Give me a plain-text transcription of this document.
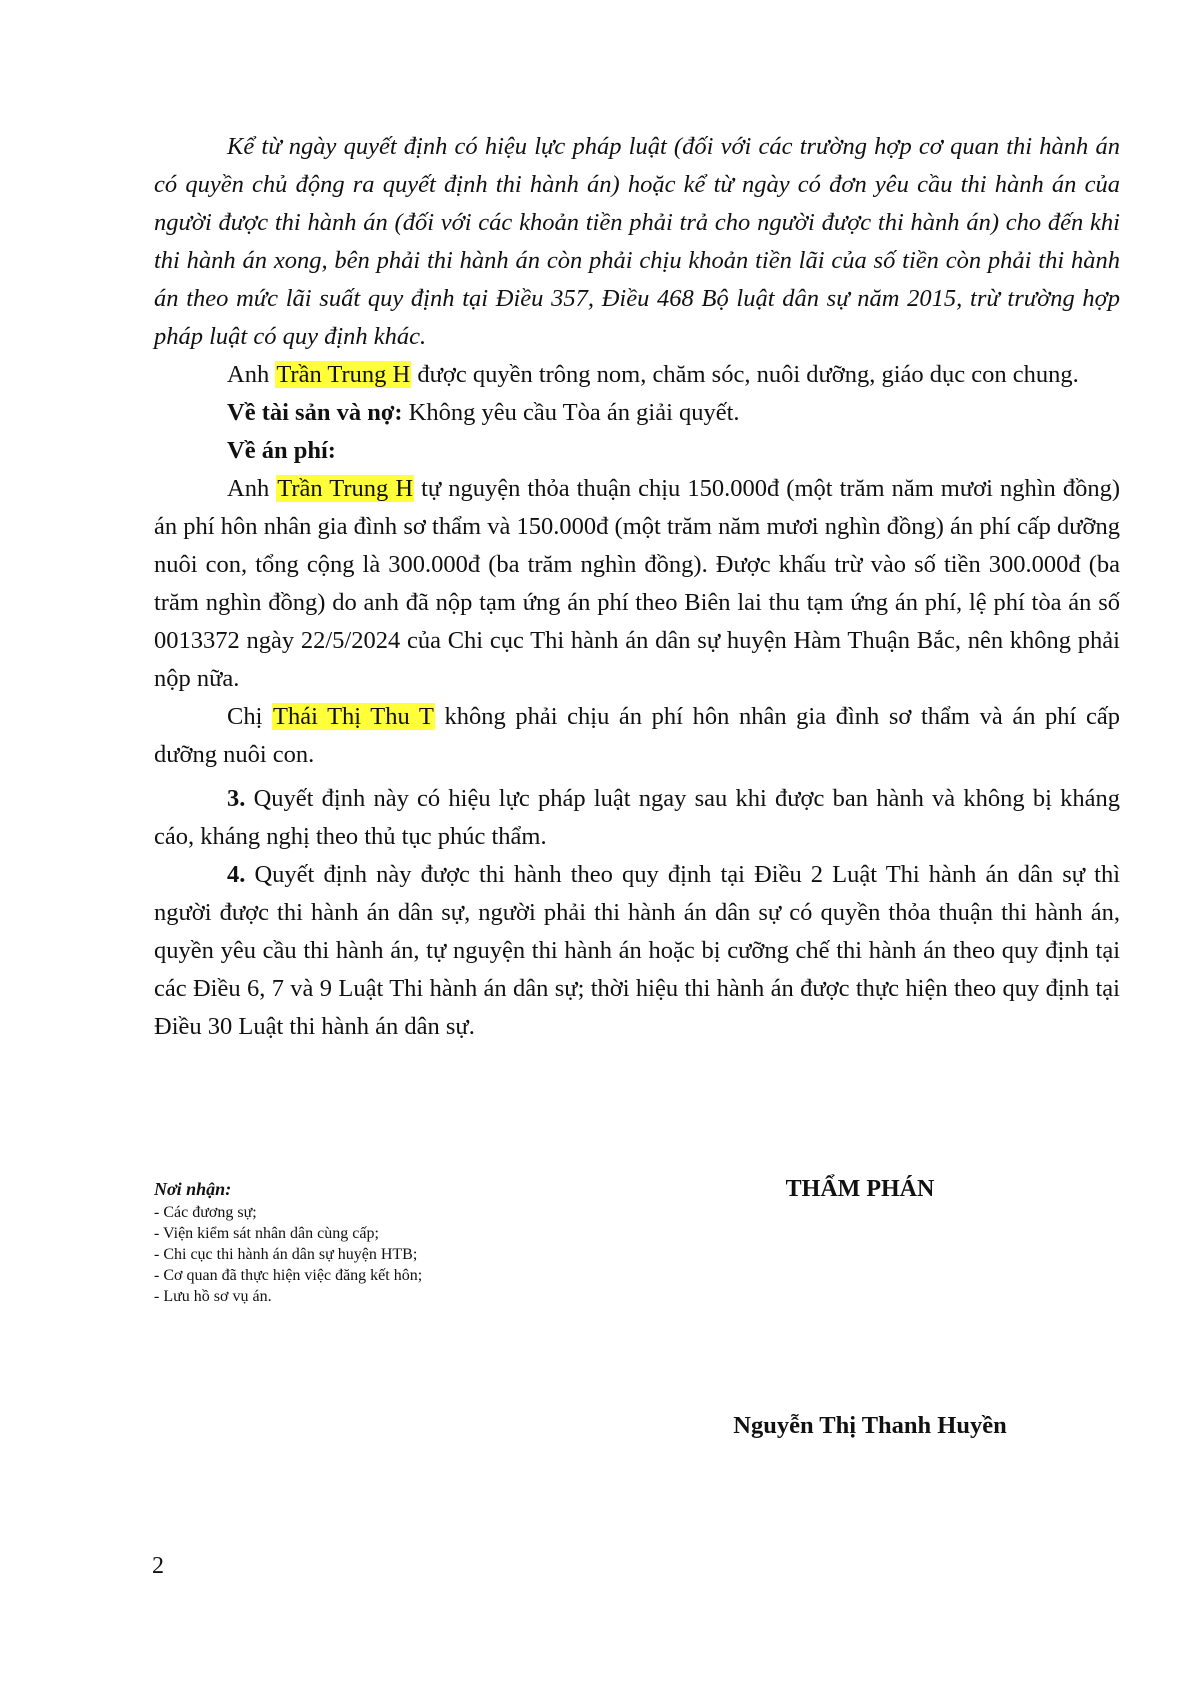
Kể từ ngày quyết định có hiệu lực pháp luật (đối với các trường hợp cơ quan thi hành án có quyền chủ động ra quyết định thi hành án) hoặc kể từ ngày có đơn yêu cầu thi hành án của người được thi hành án (đối với các khoản tiền phải trả cho người được thi hành án) cho đến khi thi hành án xong, bên phải thi hành án còn phải chịu khoản tiền lãi của số tiền còn phải thi hành án theo mức lãi suất quy định tại Điều 357, Điều 468 Bộ luật dân sự năm 2015, trừ trường hợp pháp luật có quy định khác.

Anh Trần Trung H được quyền trông nom, chăm sóc, nuôi dưỡng, giáo dục con chung.

Về tài sản và nợ: Không yêu cầu Tòa án giải quyết.

Về án phí:

Anh Trần Trung H tự nguyện thỏa thuận chịu 150.000đ (một trăm năm mươi nghìn đồng) án phí hôn nhân gia đình sơ thẩm và 150.000đ (một trăm năm mươi nghìn đồng) án phí cấp dưỡng nuôi con, tổng cộng là 300.000đ (ba trăm nghìn đồng). Được khấu trừ vào số tiền 300.000đ (ba trăm nghìn đồng) do anh đã nộp tạm ứng án phí theo Biên lai thu tạm ứng án phí, lệ phí tòa án số 0013372 ngày 22/5/2024 của Chi cục Thi hành án dân sự huyện Hàm Thuận Bắc, nên không phải nộp nữa.

Chị Thái Thị Thu T không phải chịu án phí hôn nhân gia đình sơ thẩm và án phí cấp dưỡng nuôi con.

3. Quyết định này có hiệu lực pháp luật ngay sau khi được ban hành và không bị kháng cáo, kháng nghị theo thủ tục phúc thẩm.

4. Quyết định này được thi hành theo quy định tại Điều 2 Luật Thi hành án dân sự thì người được thi hành án dân sự, người phải thi hành án dân sự có quyền thỏa thuận thi hành án, quyền yêu cầu thi hành án, tự nguyện thi hành án hoặc bị cưỡng chế thi hành án theo quy định tại các Điều 6, 7 và 9 Luật Thi hành án dân sự; thời hiệu thi hành án được thực hiện theo quy định tại Điều 30 Luật thi hành án dân sự.

Nơi nhận:
- Các đương sự;
- Viện kiểm sát nhân dân cùng cấp;
- Chi cục thi hành án dân sự huyện HTB;
- Cơ quan đã thực hiện việc đăng kết hôn;
- Lưu hồ sơ vụ án.
THẨM PHÁN
Nguyễn Thị Thanh Huyền
2
